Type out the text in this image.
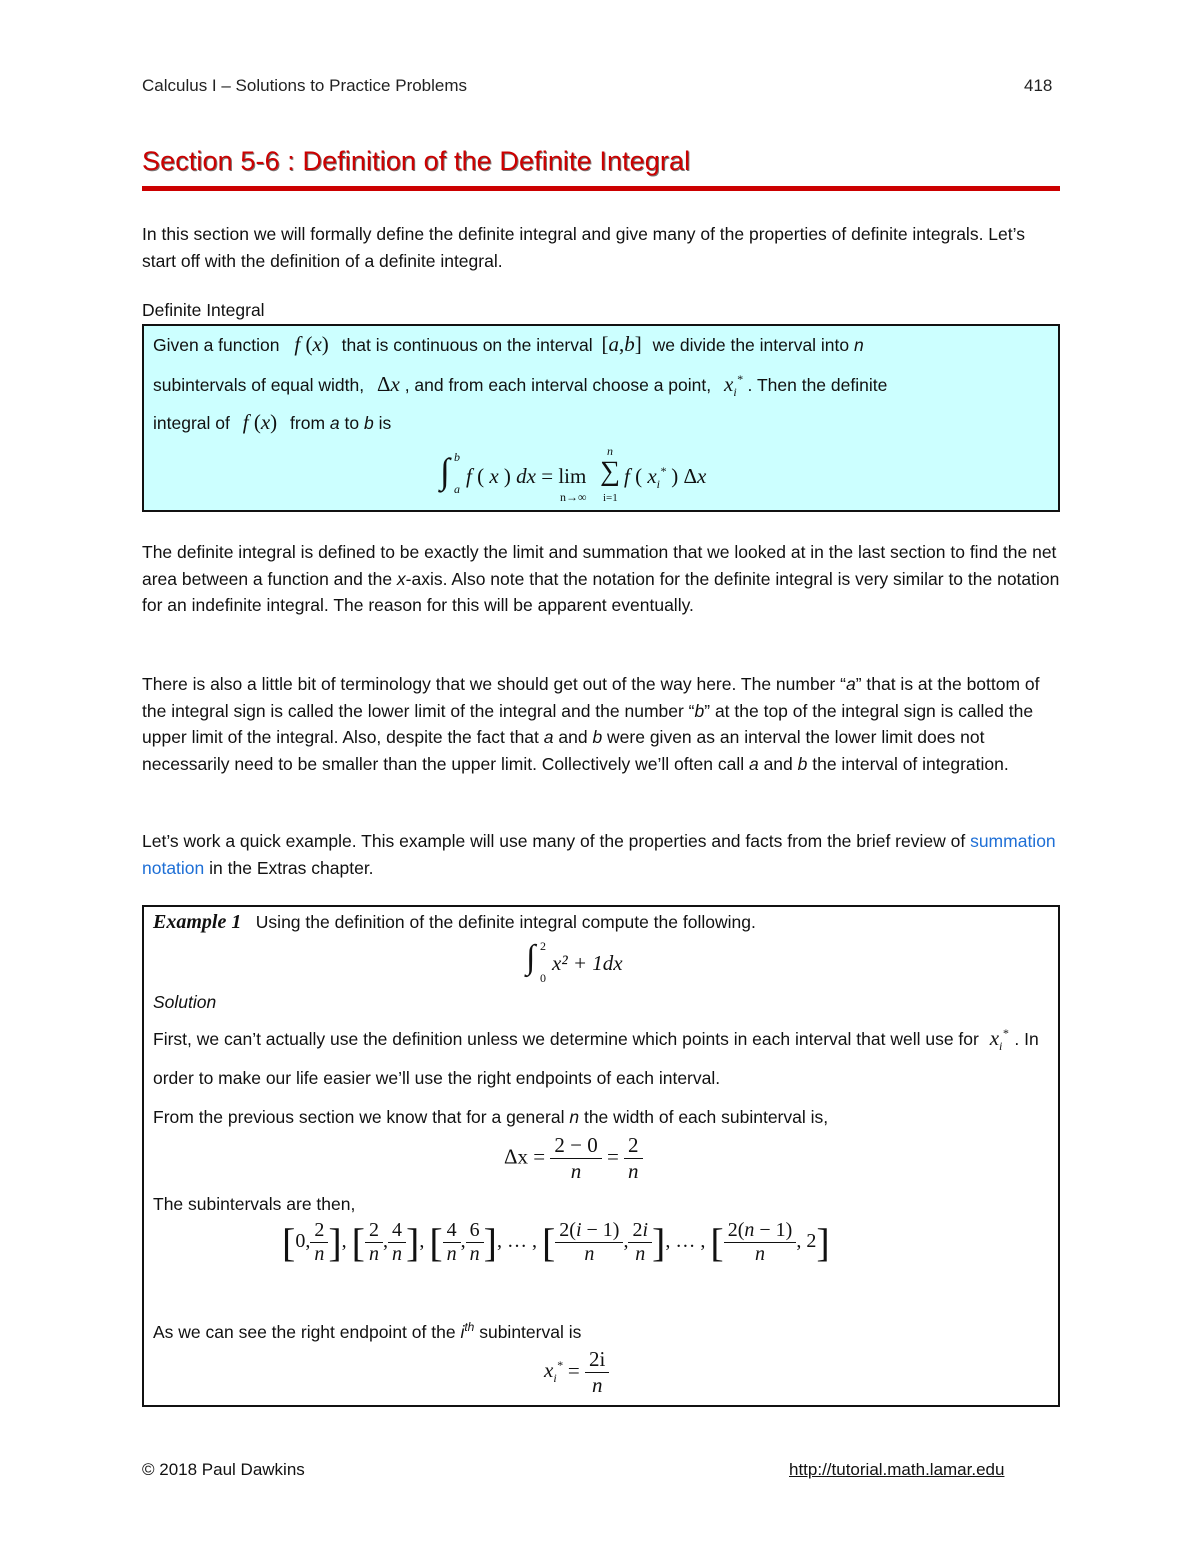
Calculus I – Solutions to Practice Problems	418
Section 5-6 : Definition of the Definite Integral

In this section we will formally define the definite integral and give many of the properties of definite integrals. Let’s start off with the definition of a definite integral.

Definite Integral
Given a function f (x) that is continuous on the interval [a,b] we divide the interval into n
subintervals of equal width, Δx , and from each interval choose a point, $x_i^*$ . Then the definite
integral of f (x) from a to b is
∫ b
a
f ( x ) dx = lim
n→∞
∑
n
i=1
f ( $x_i^*$ ) Δx

The definite integral is defined to be exactly the limit and summation that we looked at in the last section to find the net area between a function and the x-axis. Also note that the notation for the definite integral is very similar to the notation for an indefinite integral. The reason for this will be apparent eventually.

There is also a little bit of terminology that we should get out of the way here. The number “a” that is at the bottom of the integral sign is called the lower limit of the integral and the number “b” at the top of the integral sign is called the upper limit of the integral. Also, despite the fact that a and b were given as an interval the lower limit does not necessarily need to be smaller than the upper limit. Collectively we’ll often call a and b the interval of integration.

Let’s work a quick example. This example will use many of the properties and facts from the brief review of summation notation in the Extras chapter.

Example 1 Using the definition of the definite integral compute the following.
∫ 2
0
x² + 1dx
Solution
First, we can’t actually use the definition unless we determine which points in each interval that well use for $x_i^*$ . In order to make our life easier we’ll use the right endpoints of each interval.
From the previous section we know that for a general n the width of each subinterval is,
$\Delta x = \frac{2 - 0}{n} = \frac{2}{n}$
The subintervals are then,
[0, $\frac{2}{n}$ ], [ $\frac{2}{n}$ , $\frac{4}{n}$ ], [ $\frac{4}{n}$ , $\frac{6}{n}$ ], … , [ $\frac{2(i - 1)}{n}$ , $\frac{2i}{n}$ ], … , [ $\frac{2(n - 1)}{n}$ , 2]
As we can see the right endpoint of the $i^{th}$ subinterval is
$x_i^* = \frac{2i}{n}$
© 2018 Paul Dawkins	http://tutorial.math.lamar.edu
